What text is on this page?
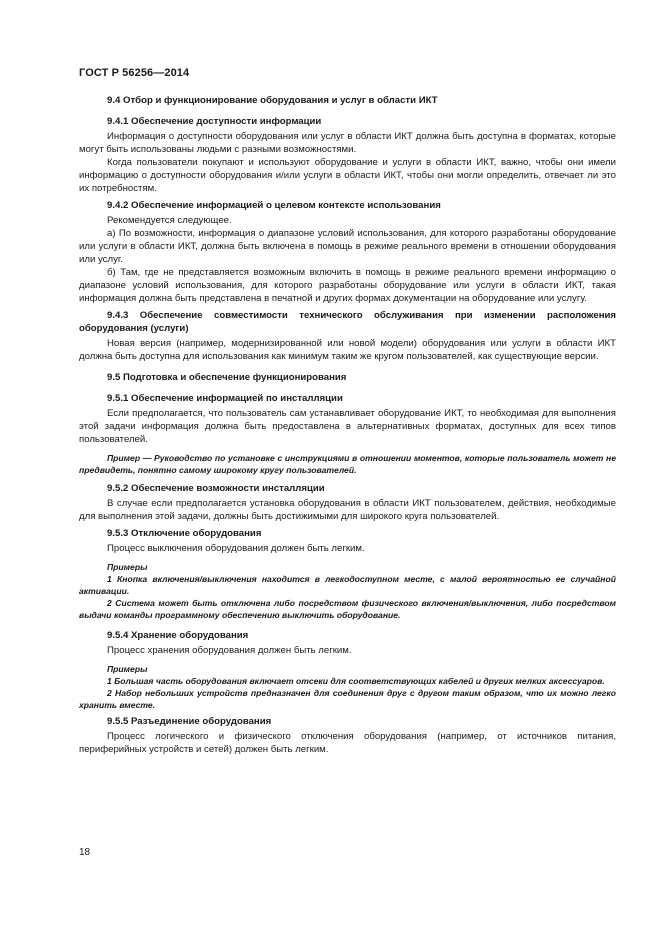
ГОСТ Р 56256—2014

9.4 Отбор и функционирование оборудования и услуг в области ИКТ

9.4.1 Обеспечение доступности информации

Информация о доступности оборудования или услуг в области ИКТ должна быть доступна в форматах, которые могут быть использованы людьми с разными возможностями.

Когда пользователи покупают и используют оборудование и услуги в области ИКТ, важно, чтобы они имели информацию о доступности оборудования и/или услуги в области ИКТ, чтобы они могли определить, отвечает ли это их потребностям.

9.4.2 Обеспечение информацией о целевом контексте использования

Рекомендуется следующее.

а) По возможности, информация о диапазоне условий использования, для которого разработаны оборудование или услуги в области ИКТ, должна быть включена в помощь в режиме реального времени в отношении оборудования или услуг.

б) Там, где не представляется возможным включить в помощь в режиме реального времени информацию о диапазоне условий использования, для которого разработаны оборудование или услуги в области ИКТ, такая информация должна быть представлена в печатной и других формах документации на оборудование или услугу.

9.4.3 Обеспечение совместимости технического обслуживания при изменении расположения оборудования (услуги)

Новая версия (например, модернизированной или новой модели) оборудования или услуги в области ИКТ должна быть доступна для использования как минимум таким же кругом пользователей, как существующие версии.

9.5 Подготовка и обеспечение функционирования

9.5.1 Обеспечение информацией по инсталляции

Если предполагается, что пользователь сам устанавливает оборудование ИКТ, то необходимая для выполнения этой задачи информация должна быть предоставлена в альтернативных форматах, доступных для всех типов пользователей.

Пример — Руководство по установке с инструкциями в отношении моментов, которые пользователь может не предвидеть, понятно самому широкому кругу пользователей.

9.5.2 Обеспечение возможности инсталляции

В случае если предполагается установка оборудования в области ИКТ пользователем, действия, необходимые для выполнения этой задачи, должны быть достижимыми для широкого круга пользователей.

9.5.3 Отключение оборудования

Процесс выключения оборудования должен быть легким.

Примеры

1 Кнопка включения/выключения находится в легкодоступном месте, с малой вероятностью ее случайной активации.

2 Система может быть отключена либо посредством физического включения/выключения, либо посредством выдачи команды программному обеспечению выключить оборудование.

9.5.4 Хранение оборудования

Процесс хранения оборудования должен быть легким.

Примеры

1 Большая часть оборудования включает отсеки для соответствующих кабелей и других мелких аксессуаров.

2 Набор небольших устройств предназначен для соединения друг с другом таким образом, что их можно легко хранить вместе.

9.5.5 Разъединение оборудования

Процесс логического и физического отключения оборудования (например, от источников питания, периферийных устройств и сетей) должен быть легким.

18
